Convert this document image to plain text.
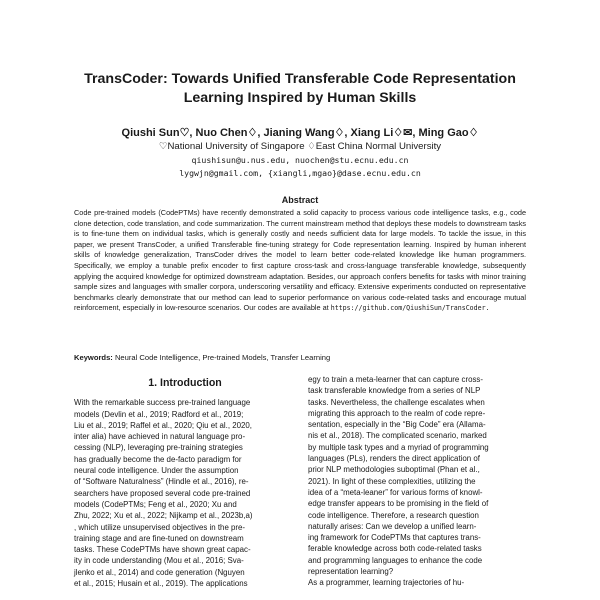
TransCoder: Towards Unified Transferable Code Representation
Learning Inspired by Human Skills
Qiushi Sun♡, Nuo Chen♢, Jianing Wang♢, Xiang Li♢✉, Ming Gao♢
♡National University of Singapore ♢East China Normal University
qiushisun@u.nus.edu, nuochen@stu.ecnu.edu.cn
lygwjn@gmail.com, {xiangli,mgao}@dase.ecnu.edu.cn
Abstract
Code pre-trained models (CodePTMs) have recently demonstrated a solid capacity to process various code intelligence tasks, e.g., code clone detection, code translation, and code summarization. The current mainstream method that deploys these models to downstream tasks is to fine-tune them on individual tasks, which is generally costly and needs sufficient data for large models. To tackle the issue, in this paper, we present TransCoder, a unified Transferable fine-tuning strategy for Code representation learning. Inspired by human inherent skills of knowledge generalization, TransCoder drives the model to learn better code-related knowledge like human programmers. Specifically, we employ a tunable prefix encoder to first capture cross-task and cross-language transferable knowledge, subsequently applying the acquired knowledge for optimized downstream adaptation. Besides, our approach confers benefits for tasks with minor training sample sizes and languages with smaller corpora, underscoring versatility and efficacy. Extensive experiments conducted on representative benchmarks clearly demonstrate that our method can lead to superior performance on various code-related tasks and encourage mutual reinforcement, especially in low-resource scenarios. Our codes are available at https://github.com/QiushiSun/TransCoder.
Keywords: Neural Code Intelligence, Pre-trained Models, Transfer Learning
1. Introduction
With the remarkable success pre-trained language
models (Devlin et al., 2019; Radford et al., 2019;
Liu et al., 2019; Raffel et al., 2020; Qiu et al., 2020,
inter alia) have achieved in natural language pro-
cessing (NLP), leveraging pre-training strategies
has gradually become the de-facto paradigm for
neural code intelligence. Under the assumption
of “Software Naturalness” (Hindle et al., 2016), re-
searchers have proposed several code pre-trained
models (CodePTMs; Feng et al., 2020; Xu and
Zhu, 2022; Xu et al., 2022; Nijkamp et al., 2023b,a)
, which utilize unsupervised objectives in the pre-
training stage and are fine-tuned on downstream
tasks. These CodePTMs have shown great capac-
ity in code understanding (Mou et al., 2016; Sva-
jlenko et al., 2014) and code generation (Nguyen
et al., 2015; Husain et al., 2019). The applications
egy to train a meta-learner that can capture cross-
task transferable knowledge from a series of NLP
tasks. Nevertheless, the challenge escalates when
migrating this approach to the realm of code repre-
sentation, especially in the “Big Code” era (Allama-
nis et al., 2018). The complicated scenario, marked
by multiple task types and a myriad of programming
languages (PLs), renders the direct application of
prior NLP methodologies suboptimal (Phan et al.,
2021). In light of these complexities, utilizing the
idea of a “meta-leaner” for various forms of knowl-
edge transfer appears to be promising in the field of
code intelligence. Therefore, a research question
naturally arises: Can we develop a unified learn-
ing framework for CodePTMs that captures trans-
ferable knowledge across both code-related tasks
and programming languages to enhance the code
representation learning?
As a programmer, learning trajectories of hu-
